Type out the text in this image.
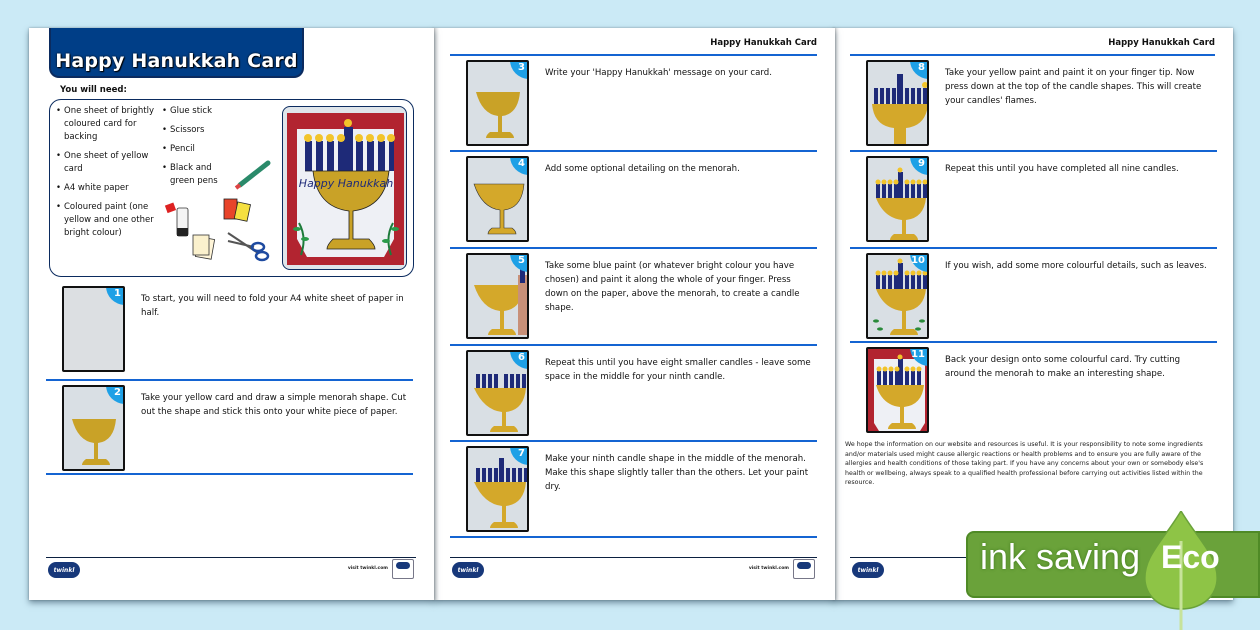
Happy Hanukkah Card
You will need:
• One sheet of brightly coloured card for backing
• One sheet of yellow card
• A4 white paper
• Coloured paint (one yellow and one other bright colour)
• Glue stick
• Scissors
• Pencil
• Black and green pens	Happy Hanukkah
1	To start, you will need to fold your A4 white sheet of paper in half.
2	Take your yellow card and draw a simple menorah shape. Cut out the shape and stick this onto your white piece of paper.
twinkl	visit twinkl.com
Happy Hanukkah Card
3	Write your 'Happy Hanukkah' message on your card.
4	Add some optional detailing on the menorah.
5	Take some blue paint (or whatever bright colour you have chosen) and paint it along the whole of your finger. Press down on the paper, above the menorah, to create a candle shape.
6	Repeat this until you have eight smaller candles - leave some space in the middle for your ninth candle.
7	Make your ninth candle shape in the middle of the menorah. Make this shape slightly taller than the others. Let your paint dry.
twinkl	visit twinkl.com
Happy Hanukkah Card
8	Take your yellow paint and paint it on your finger tip. Now press down at the top of the candle shapes. This will create your candles' flames.
9	Repeat this until you have completed all nine candles.
10	If you wish, add some more colourful details, such as leaves.
11	Back your design onto some colourful card. Try cutting around the menorah to make an interesting shape.
We hope the information on our website and resources is useful. It is your responsibility to note some ingredients and/or materials used might cause allergic reactions or health problems and to ensure you are fully aware of the allergies and health conditions of those taking part. If you have any concerns about your own or somebody else's health or wellbeing, always speak to a qualified health professional before carrying out activities listed within the resource.
twinkl	ink saving Eco
